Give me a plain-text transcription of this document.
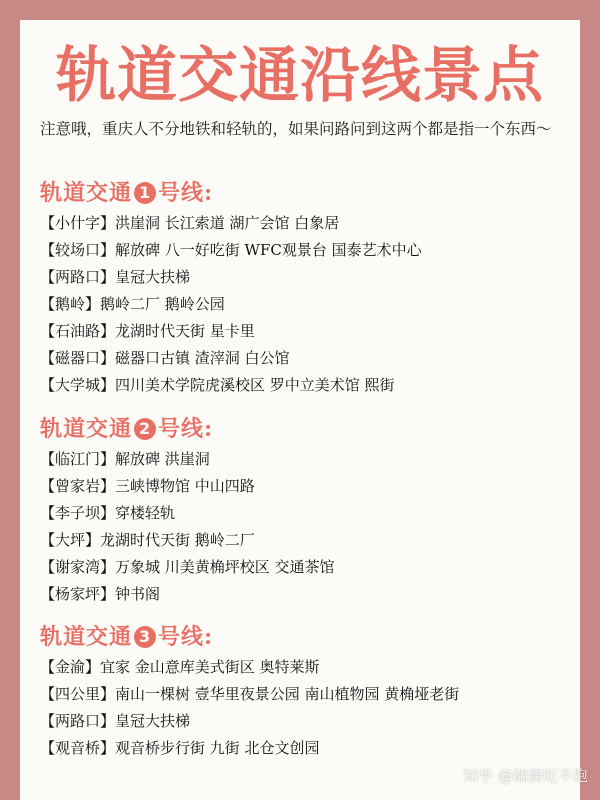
轨道交通沿线景点
注意哦，重庆人不分地铁和轻轨的，如果问路问到这两个都是指一个东西～
轨道交通 1 号线:
【小什字】洪崖洞 长江索道 湖广会馆 白象居
【较场口】解放碑 八一好吃街 WFC观景台 国泰艺术中心
【两路口】皇冠大扶梯
【鹅岭】鹅岭二厂 鹅岭公园
【石油路】龙湖时代天街 星卡里
【磁器口】磁器口古镇 渣滓洞 白公馆
【大学城】四川美术学院虎溪校区 罗中立美术馆 熙街
轨道交通 2 号线:
【临江门】解放碑 洪崖洞
【曾家岩】三峡博物馆 中山四路
【李子坝】穿楼轻轨
【大坪】龙湖时代天街 鹅岭二厂
【谢家湾】万象城 川美黄桷坪校区 交通茶馆
【杨家坪】钟书阁
轨道交通 3 号线:
【金渝】宜家 金山意库美式街区 奥特莱斯
【四公里】南山一棵树 壹华里夜景公园 南山植物园 黄桷垭老街
【两路口】皇冠大扶梯
【观音桥】观音桥步行街 九街 北仓文创园
知乎 @瑞酱吃不饱
